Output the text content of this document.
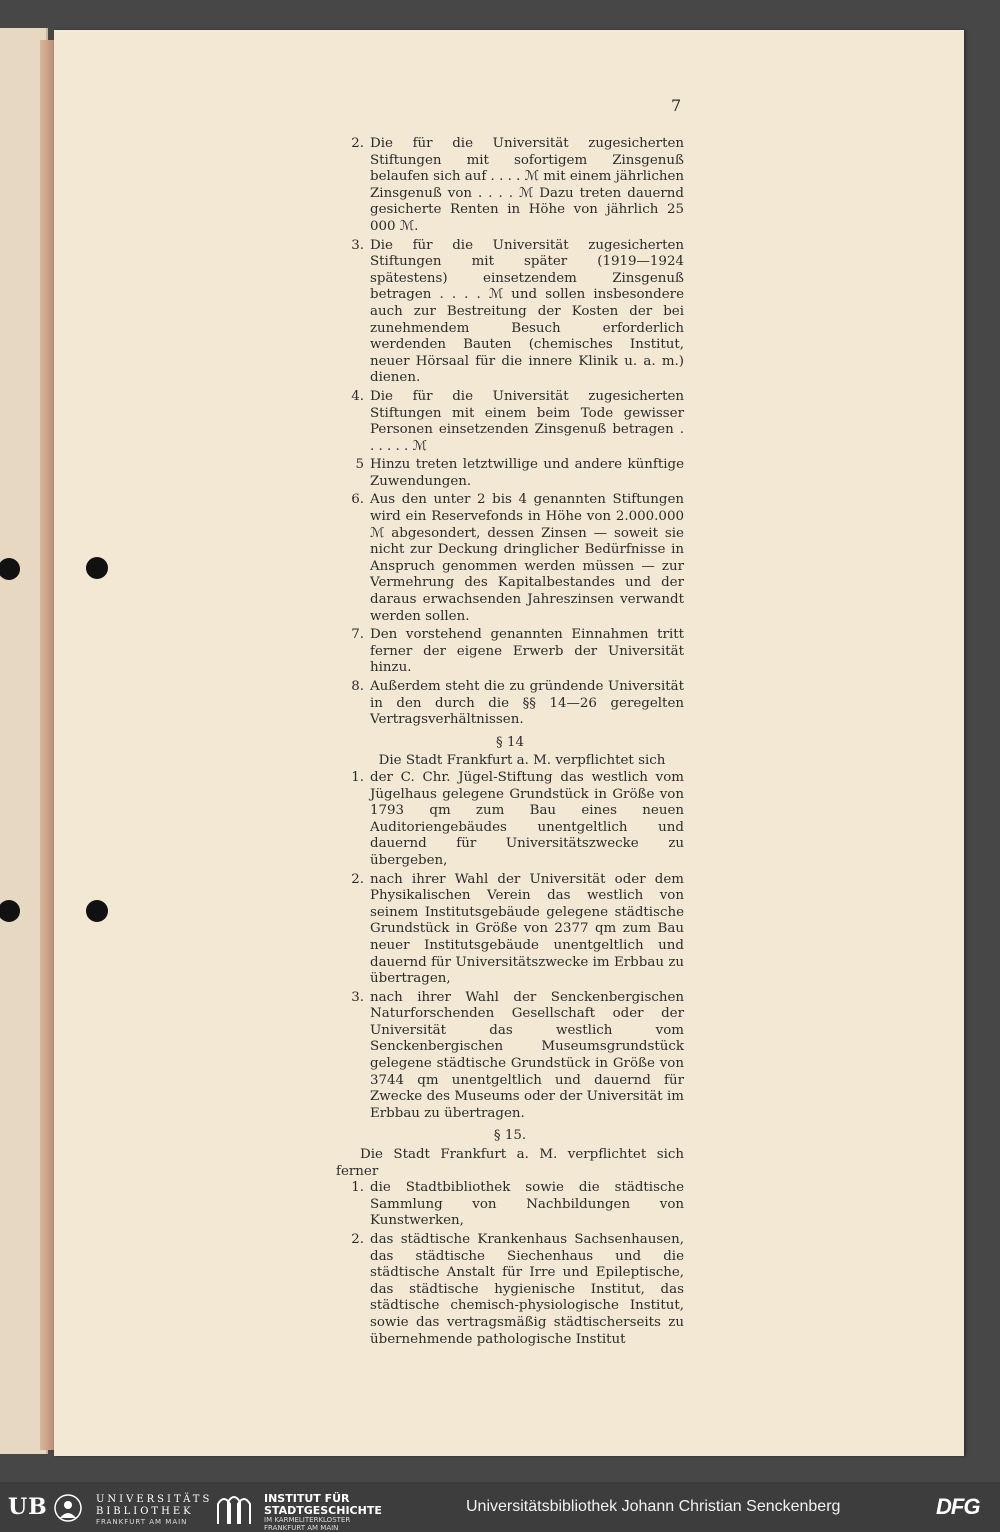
7
2. Die für die Universität zugesicherten Stiftungen mit sofortigem Zinsgenuß belaufen sich auf . . . . ℳ mit einem jährlichen Zinsgenuß von . . . . ℳ Dazu treten dauernd gesicherte Renten in Höhe von jährlich 25 000 ℳ.
3. Die für die Universität zugesicherten Stiftungen mit später (1919—1924 spätestens) einsetzendem Zinsgenuß betragen . . . . ℳ und sollen insbesondere auch zur Bestreitung der Kosten der bei zunehmendem Besuch erforderlich werdenden Bauten (chemisches Institut, neuer Hörsaal für die innere Klinik u. a. m.) dienen.
4. Die für die Universität zugesicherten Stiftungen mit einem beim Tode gewisser Personen einsetzenden Zinsgenuß betragen . . . . . . ℳ
5 Hinzu treten letztwillige und andere künftige Zuwendungen.
6. Aus den unter 2 bis 4 genannten Stiftungen wird ein Reservefonds in Höhe von 2.000.000 ℳ abgesondert, dessen Zinsen — soweit sie nicht zur Deckung dringlicher Bedürfnisse in Anspruch genommen werden müssen — zur Vermehrung des Kapitalbestandes und der daraus erwachsenden Jahreszinsen verwandt werden sollen.
7. Den vorstehend genannten Einnahmen tritt ferner der eigene Erwerb der Universität hinzu.
8. Außerdem steht die zu gründende Universität in den durch die §§ 14—26 geregelten Vertragsverhältnissen.
§ 14
Die Stadt Frankfurt a. M. verpflichtet sich
1. der C. Chr. Jügel-Stiftung das westlich vom Jügelhaus gelegene Grundstück in Größe von 1793 qm zum Bau eines neuen Auditoriengebäudes unentgeltlich und dauernd für Universitätszwecke zu übergeben,
2. nach ihrer Wahl der Universität oder dem Physikalischen Verein das westlich von seinem Institutsgebäude gelegene städtische Grundstück in Größe von 2377 qm zum Bau neuer Institutsgebäude unentgeltlich und dauernd für Universitätszwecke im Erbbau zu übertragen,
3. nach ihrer Wahl der Senckenbergischen Naturforschenden Gesellschaft oder der Universität das westlich vom Senckenbergischen Museumsgrundstück gelegene städtische Grundstück in Größe von 3744 qm unentgeltlich und dauernd für Zwecke des Museums oder der Universität im Erbbau zu übertragen.
§ 15.
Die Stadt Frankfurt a. M. verpflichtet sich ferner
1. die Stadtbibliothek sowie die städtische Sammlung von Nachbildungen von Kunstwerken,
2. das städtische Krankenhaus Sachsenhausen, das städtische Siechenhaus und die städtische Anstalt für Irre und Epileptische, das städtische hygienische Institut, das städtische chemisch-physiologische Institut, sowie das vertragsmäßig städtischerseits zu übernehmende pathologische Institut
UB	UNIVERSITÄTS
BIBLIOTHEK
FRANKFURT AM MAIN
INSTITUT FÜR
STADTGESCHICHTE
IM KARMELITERKLOSTER
FRANKFURT AM MAIN
Universitätsbibliothek Johann Christian Senckenberg	DFG
